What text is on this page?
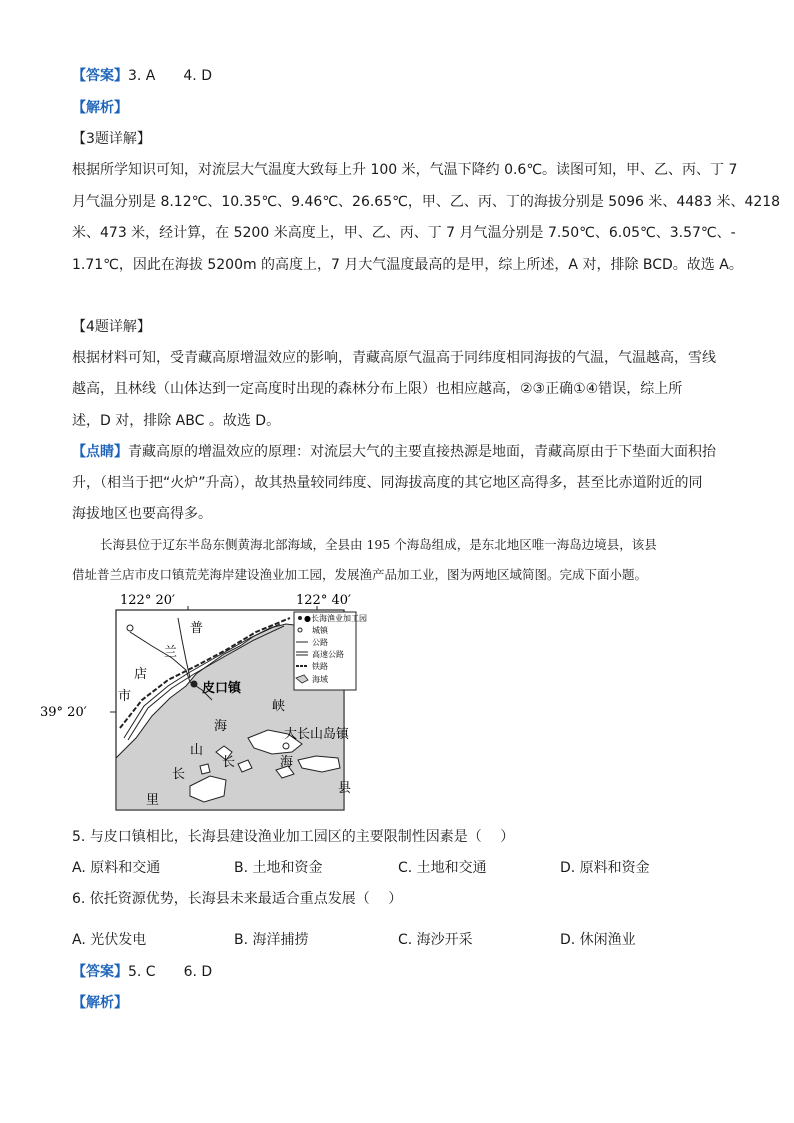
【答案】3. A　　4. D
【解析】
【3题详解】
根据所学知识可知，对流层大气温度大致每上升 100 米，气温下降约 0.6℃。读图可知，甲、乙、丙、丁 7
月气温分别是 8.12℃、10.35℃、9.46℃、26.65℃，甲、乙、丙、丁的海拔分别是 5096 米、4483 米、4218
米、473 米，经计算，在 5200 米高度上，甲、乙、丙、丁 7 月气温分别是 7.50℃、6.05℃、3.57℃、-
1.71℃，因此在海拔 5200m 的高度上，7 月大气温度最高的是甲，综上所述，A 对，排除 BCD。故选 A。
【4题详解】
根据材料可知，受青藏高原增温效应的影响，青藏高原气温高于同纬度相同海拔的气温，气温越高，雪线
越高，且林线（山体达到一定高度时出现的森林分布上限）也相应越高，②③正确①④错误，综上所
述，D 对，排除 ABC 。故选 D。
【点睛】青藏高原的增温效应的原理：对流层大气的主要直接热源是地面，青藏高原由于下垫面大面积抬
升，（相当于把“火炉”升高），故其热量较同纬度、同海拔高度的其它地区高得多，甚至比赤道附近的同
海拔地区也要高得多。
长海县位于辽东半岛东侧黄海北部海域，全县由 195 个海岛组成，是东北地区唯一海岛边境县，该县
借址普兰店市皮口镇荒芜海岸建设渔业加工园，发展渔产品加工业，图为两地区域简图。完成下面小题。
122° 20′	122° 40′
39° 20′
普
兰
店
市
皮口镇
峡
海
大长山岛镇
山
海
长
长
县
里
●长海渔业加工园
城镇
公路
高速公路
铁路
海域
5. 与皮口镇相比，长海县建设渔业加工园区的主要限制性因素是（　 ）
A. 原料和交通	B. 土地和资金	C. 土地和交通	D. 原料和资金
6. 依托资源优势，长海县未来最适合重点发展（　 ）
A. 光伏发电	B. 海洋捕捞	C. 海沙开采	D. 休闲渔业
【答案】5. C　　6. D
【解析】
